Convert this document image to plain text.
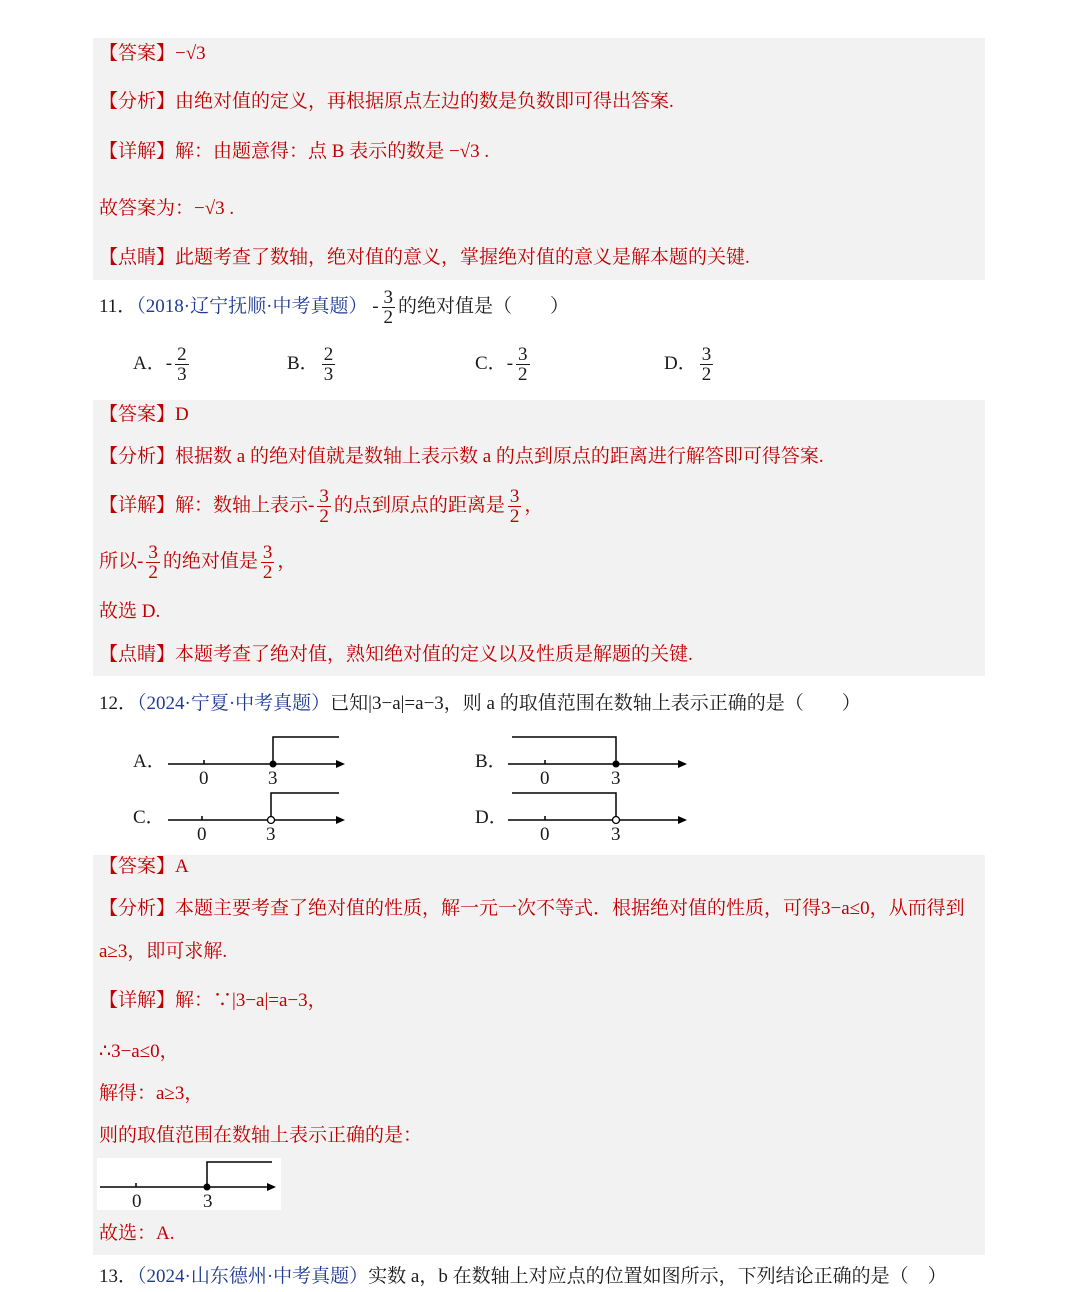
【答案】−√3
【分析】由绝对值的定义，再根据原点左边的数是负数即可得出答案.
【详解】解：由题意得：点 B 表示的数是 −√3 .
故答案为：−√3 .
【点睛】此题考查了数轴，绝对值的意义，掌握绝对值的意义是解本题的关键.
11．（2018·辽宁抚顺·中考真题） - $\frac{3}{2}$ 的绝对值是（　　）
A．- $\frac{2}{3}$	B． $\frac{2}{3}$	C．- $\frac{3}{2}$	D． $\frac{3}{2}$
【答案】D
【分析】根据数 a 的绝对值就是数轴上表示数 a 的点到原点的距离进行解答即可得答案.
【详解】解：数轴上表示- $\frac{3}{2}$ 的点到原点的距离是 $\frac{3}{2}$ ，
所以- $\frac{3}{2}$ 的绝对值是 $\frac{3}{2}$ ，
故选 D.
【点睛】本题考查了绝对值，熟知绝对值的定义以及性质是解题的关键.
12．（2024·宁夏·中考真题）已知|3−a|=a−3，则 a 的取值范围在数轴上表示正确的是（　　）
A．	B．
C．	D．
0	3	0	3
0	3	0	3
【答案】A
【分析】本题主要考查了绝对值的性质，解一元一次不等式．根据绝对值的性质，可得3−a≤0，从而得到
a≥3，即可求解.
【详解】解：∵|3−a|=a−3，
∴3−a≤0，
解得：a≥3，
则的取值范围在数轴上表示正确的是：
0	3
故选：A.
13．（2024·山东德州·中考真题）实数 a，b 在数轴上对应点的位置如图所示，下列结论正确的是（　）
